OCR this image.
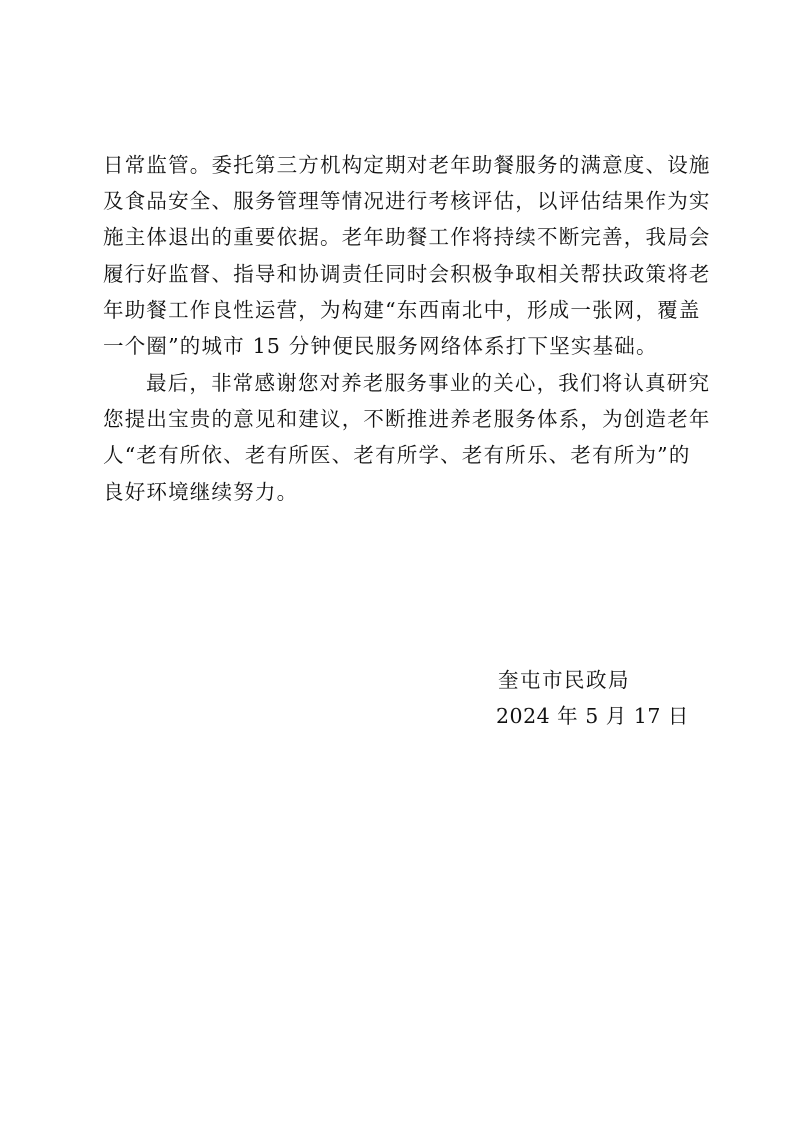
日常监管。委托第三方机构定期对老年助餐服务的满意度、设施
及食品安全、服务管理等情况进行考核评估，以评估结果作为实
施主体退出的重要依据。老年助餐工作将持续不断完善，我局会
履行好监督、指导和协调责任同时会积极争取相关帮扶政策将老
年助餐工作良性运营，为构建“东西南北中，形成一张网，覆盖
一个圈”的城市 15 分钟便民服务网络体系打下坚实基础。
最后，非常感谢您对养老服务事业的关心，我们将认真研究
您提出宝贵的意见和建议，不断推进养老服务体系，为创造老年
人“老有所依、老有所医、老有所学、老有所乐、老有所为”的
良好环境继续努力。
奎屯市民政局
2024 年 5 月 17 日
